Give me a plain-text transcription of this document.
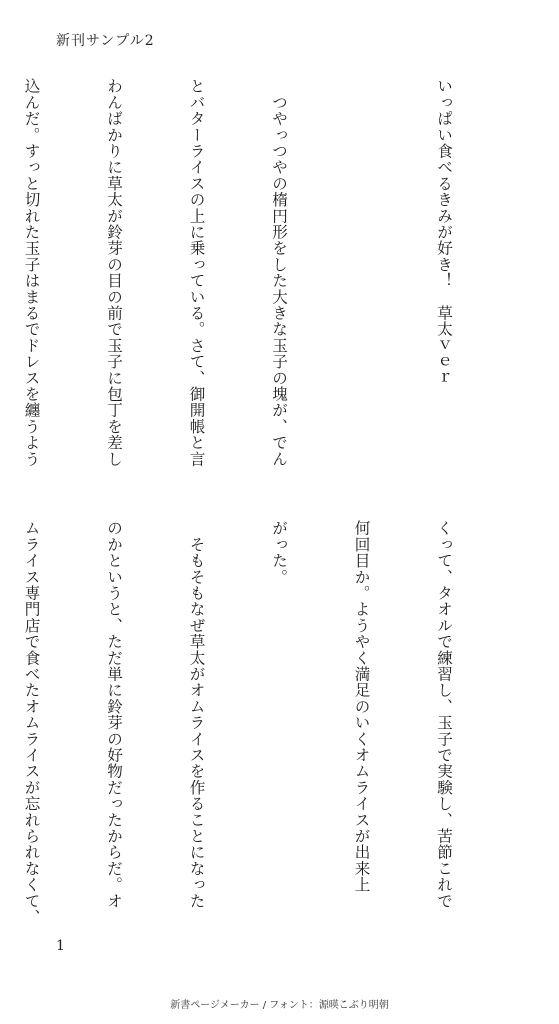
新刊サンプル2

いっぱい食べるきみが好き！　草太ｖｅｒ

　つやっつやの楕円形をした大きな玉子の塊が、でん

とバターライスの上に乗っている。さて、御開帳と言

わんばかりに草太が鈴芽の目の前で玉子に包丁を差し

込んだ。すっと切れた玉子はまるでドレスを纏うよう

くって、タオルで練習し、玉子で実験し、苦節これで

何回目か。ようやく満足のいくオムライスが出来上

がった。

　そもそもなぜ草太がオムライスを作ることになった

のかというと、ただ単に鈴芽の好物だったからだ。オ

ムライス専門店で食べたオムライスが忘れられなくて、

1
新書ページメーカー / フォント：源暎こぶり明朝
